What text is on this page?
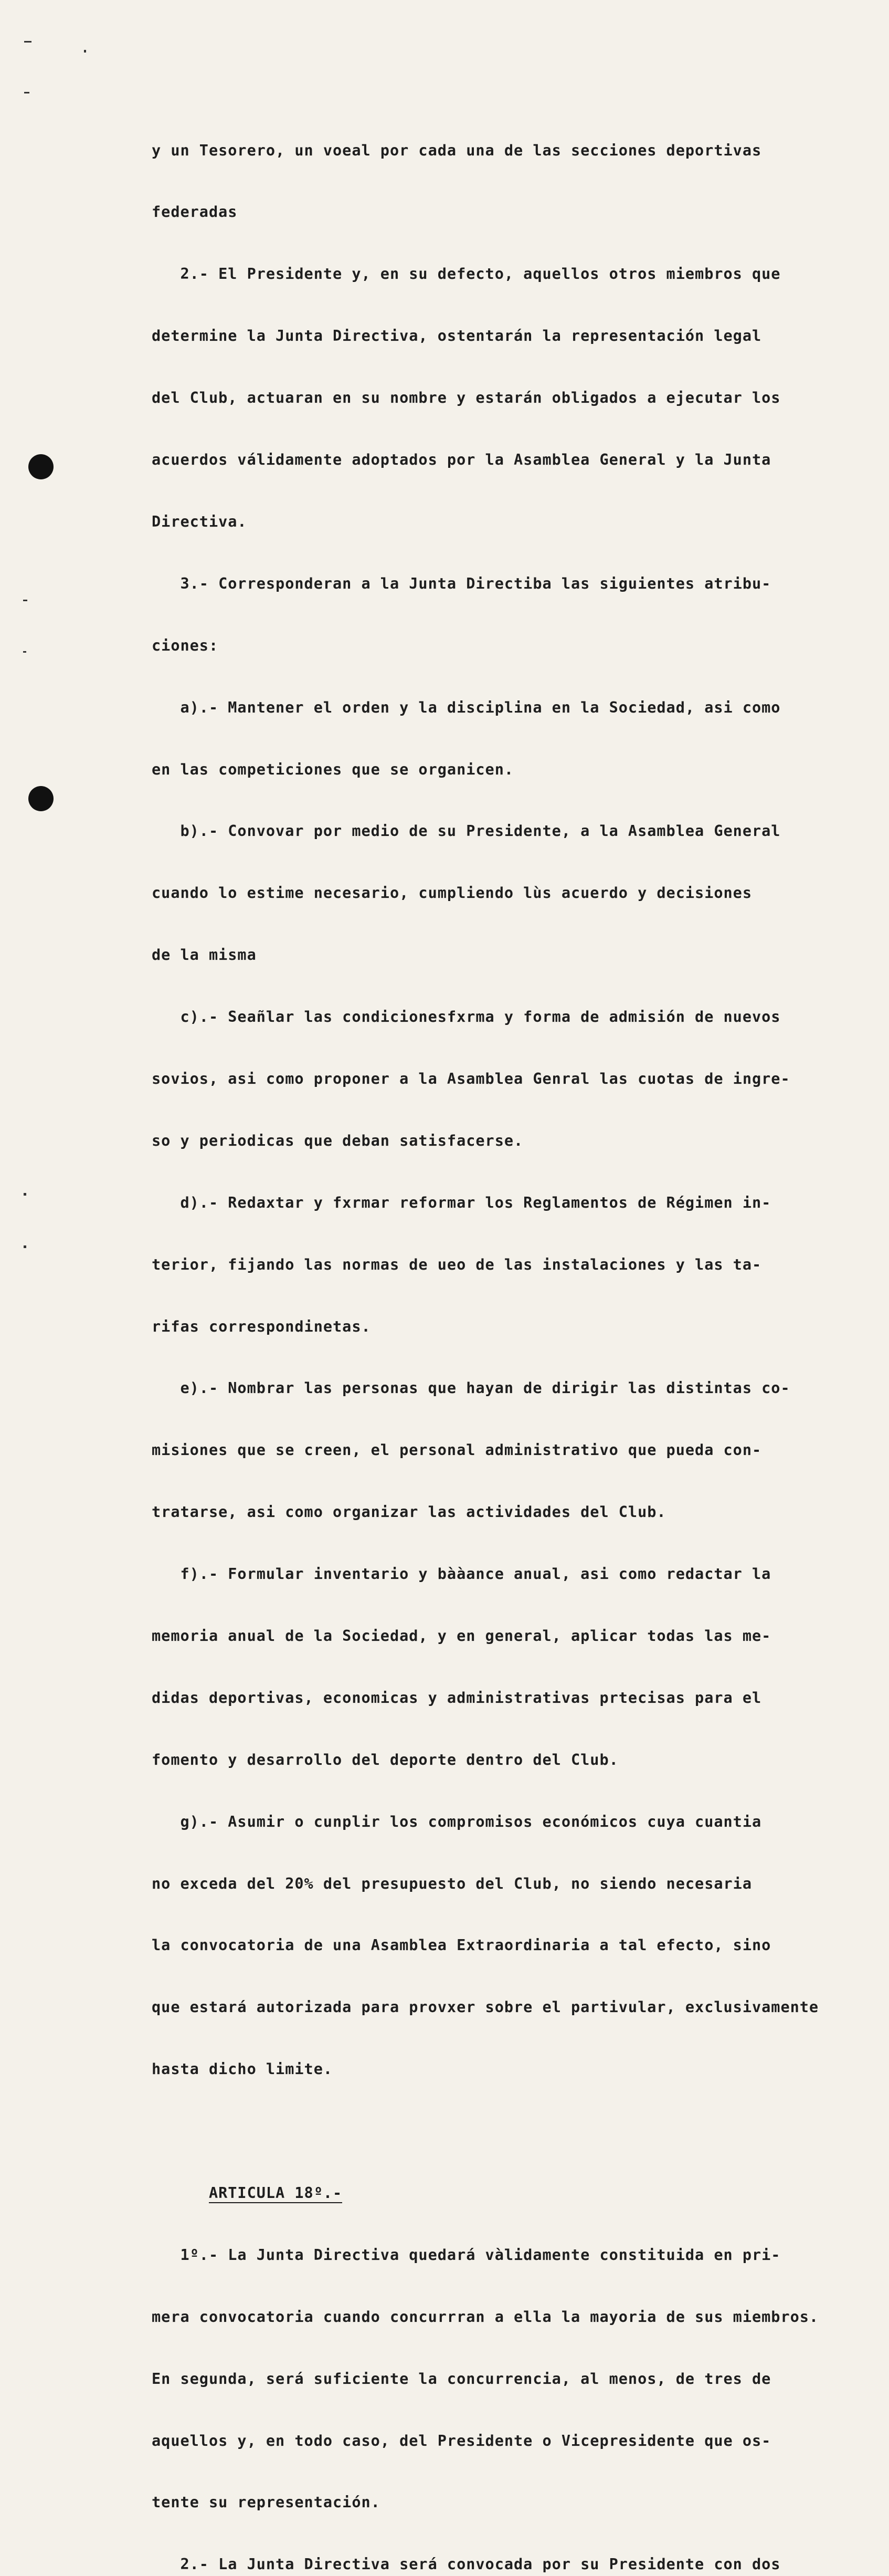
y un Tesorero, un voeal por cada una de las secciones deportivas

federadas

2.- El Presidente y, en su defecto, aquellos otros miembros que

determine la Junta Directiva, ostentarán la representación legal

del Club, actuaran en su nombre y estarán obligados a ejecutar los

acuerdos válidamente adoptados por la Asamblea General y la Junta

Directiva.

3.- Corresponderan a la Junta Directiba las siguientes atribu-

ciones:

a).- Mantener el orden y la disciplina en la Sociedad, asi como

en las competiciones que se organicen.

b).- Convovar por medio de su Presidente, a la Asamblea General

cuando lo estime necesario, cumpliendo lùs acuerdo y decisiones

de la misma

c).- Seañlar las condicionesfxrma y forma de admisión de nuevos

sovios, asi como proponer a la Asamblea Genral las cuotas de ingre-

so y periodicas que deban satisfacerse.

d).- Redaxtar y fxrmar reformar los Reglamentos de Régimen in-

terior, fijando las normas de ueo de las instalaciones y las ta-

rifas correspondinetas.

e).- Nombrar las personas que hayan de dirigir las distintas co-

misiones que se creen, el personal administrativo que pueda con-

tratarse, asi como organizar las actividades del Club.

f).- Formular inventario y bààance anual, asi como redactar la

memoria anual de la Sociedad, y en general, aplicar todas las me-

didas deportivas, economicas y administrativas prtecisas para el

fomento y desarrollo del deporte dentro del Club.

g).- Asumir o cunplir los compromisos económicos cuya cuantia

no exceda del 20% del presupuesto del Club, no siendo necesaria

la convocatoria de una Asamblea Extraordinaria a tal efecto, sino

que estará autorizada para provxer sobre el partivular, exclusivamente

hasta dicho limite.

ARTICULA 18º.-

1º.- La Junta Directiva quedará vàlidamente constituida en pri-

mera convocatoria cuando concurrran a ella la mayoria de sus miembros.

En segunda, será suficiente la concurrencia, al menos, de tres de

aquellos y, en todo caso, del Presidente o Vicepresidente que os-

tente su representación.

2.- La Junta Directiva será convocada por su Presidente con dos
